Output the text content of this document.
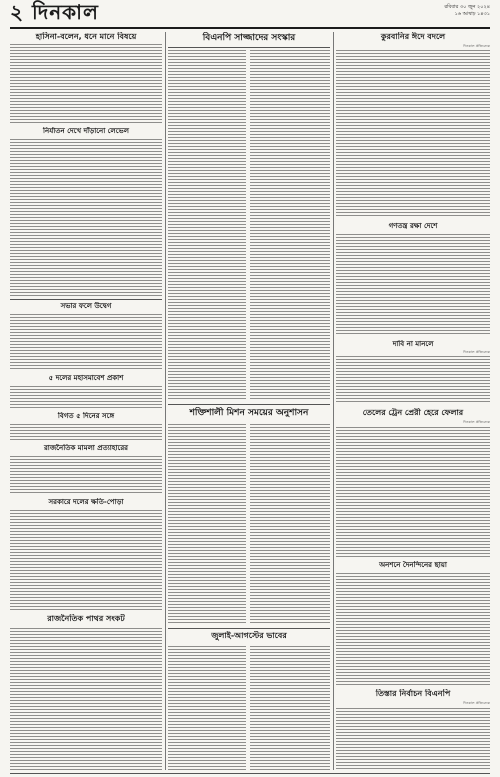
২ দিনকাল	রবিবার ৩০ জুন ২০২৪
১৬ আষাঢ় ১৪৩১
হাসিনা-বলেন, ধনে মানে বিষয়ে
নির্যাতন দেখে দাঁড়ানো লেভেল
সভার ফলে উদ্বেগ
৫ দলের মহাসমাবেশ প্রকাশ
বিগত ৫ দিনের সঙ্গে
রাজনৈতিক মামলা প্রত্যাহারের
সরকারে দলের ক্ষতি-পোড়া
রাজনৈতিক পাথর সংকট
বিএনপি সাজ্জাদের সংস্কার
শক্তিশালী মিশন সময়ের অনুশাসন
জুলাই-আগস্টের ভাবের
কুরবানির ঈদে বদলে
দিনকাল প্রতিবেদক
গণতন্ত্র রক্ষা দেশে
দাবি না মানলে
দিনকাল প্রতিবেদক
তেলের ট্রেন প্রেরী হেরে ফেলার
দিনকাল প্রতিবেদক
অনশনে দৈনন্দিনের ছায়া
তিস্তার নির্বাচন বিএনপি
দিনকাল প্রতিবেদক
